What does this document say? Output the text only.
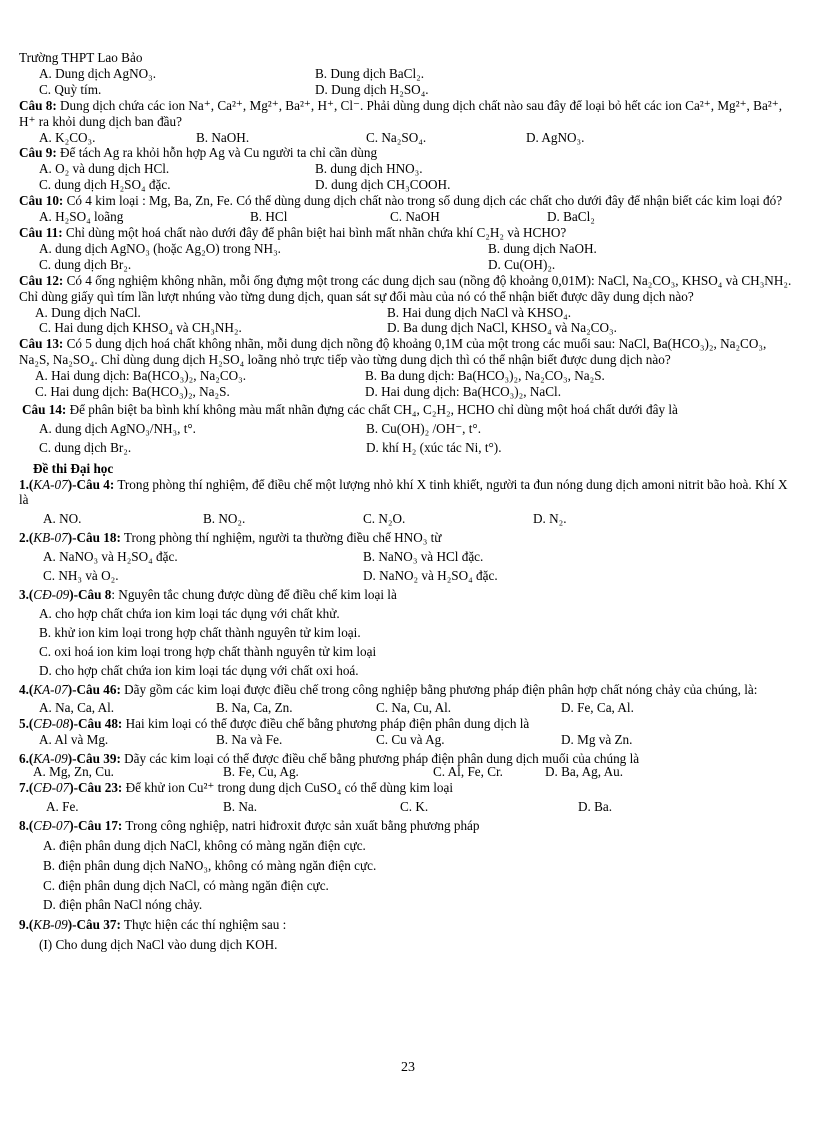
Trường THPT Lao Bảo
A. Dung dịch AgNO₃.	B. Dung dịch BaCl₂.
C. Quỳ tím.	D. Dung dịch H₂SO₄.
Câu 8: Dung dịch chứa các ion Na⁺, Ca²⁺, Mg²⁺, Ba²⁺, H⁺, Cl⁻. Phải dùng dung dịch chất nào sau đây để loại bỏ hết các ion Ca²⁺, Mg²⁺, Ba²⁺, H⁺ ra khỏi dung dịch ban đầu?
A. K₂CO₃.	B. NaOH.	C. Na₂SO₄.	D. AgNO₃.
Câu 9: Để tách Ag ra khỏi hỗn hợp Ag và Cu người ta chỉ cần dùng
A. O₂ và dung dịch HCl.	B. dung dịch HNO₃.
C. dung dịch H₂SO₄ đặc.	D. dung dịch CH₃COOH.
Câu 10: Có 4 kim loại : Mg, Ba, Zn, Fe. Có thể dùng dung dịch chất nào trong số dung dịch các chất cho dưới đây để nhận biết các kim loại đó?
A. H₂SO₄ loãng	B. HCl	C. NaOH	D. BaCl₂
Câu 11: Chỉ dùng một hoá chất nào dưới đây để phân biệt hai bình mất nhãn chứa khí C₂H₂ và HCHO?
A. dung dịch AgNO₃ (hoặc Ag₂O) trong NH₃.	B. dung dịch NaOH.
C. dung dịch Br₂.	D. Cu(OH)₂.
Câu 12: Có 4 ống nghiệm không nhãn, mỗi ống đựng một trong các dung dịch sau (nồng độ khoảng 0,01M): NaCl, Na₂CO₃, KHSO₄ và CH₃NH₂. Chỉ dùng giấy quì tím lần lượt nhúng vào từng dung dịch, quan sát sự đổi màu của nó có thể nhận biết được dãy dung dịch nào?
A. Dung dịch NaCl.	B. Hai dung dịch NaCl và KHSO₄.
C. Hai dung dịch KHSO₄ và CH₃NH₂.	D. Ba dung dịch NaCl, KHSO₄ và Na₂CO₃.
Câu 13: Có 5 dung dịch hoá chất không nhãn, mỗi dung dịch nồng độ khoảng 0,1M của một trong các muối sau: NaCl, Ba(HCO₃)₂, Na₂CO₃, Na₂S, Na₂SO₄. Chỉ dùng dung dịch H₂SO₄ loãng nhỏ trực tiếp vào từng dung dịch thì có thể nhận biết được dung dịch nào?
A. Hai dung dịch: Ba(HCO₃)₂, Na₂CO₃.	B. Ba dung dịch: Ba(HCO₃)₂, Na₂CO₃, Na₂S.
C. Hai dung dịch: Ba(HCO₃)₂, Na₂S.	D. Hai dung dịch: Ba(HCO₃)₂, NaCl.
Câu 14: Để phân biệt ba bình khí không màu mất nhãn đựng các chất CH₄, C₂H₂, HCHO chỉ dùng một hoá chất dưới đây là
A. dung dịch AgNO₃/NH₃, t°.	B. Cu(OH)₂ /OH⁻, t°.
C. dung dịch Br₂.	D. khí H₂ (xúc tác Ni, t°).
Đề thi Đại học
1.(KA-07)-Câu 4: Trong phòng thí nghiệm, để điều chế một lượng nhỏ khí X tinh khiết, người ta đun nóng dung dịch amoni nitrit bão hoà. Khí X là
A. NO.	B. NO₂.	C. N₂O.	D. N₂.
2.(KB-07)-Câu 18: Trong phòng thí nghiệm, người ta thường điều chế HNO₃ từ
A. NaNO₃ và H₂SO₄ đặc.	B. NaNO₃ và HCl đặc.
C. NH₃ và O₂.	D. NaNO₂ và H₂SO₄ đặc.
3.(CĐ-09)-Câu 8: Nguyên tắc chung được dùng để điều chế kim loại là
A. cho hợp chất chứa ion kim loại tác dụng với chất khử.
B. khử ion kim loại trong hợp chất thành nguyên tử kim loại.
C. oxi hoá ion kim loại trong hợp chất thành nguyên tử kim loại
D. cho hợp chất chứa ion kim loại tác dụng với chất oxi hoá.
4.(KA-07)-Câu 46: Dãy gồm các kim loại được điều chế trong công nghiệp bằng phương pháp điện phân hợp chất nóng chảy của chúng, là:
A. Na, Ca, Al.	B. Na, Ca, Zn.	C. Na, Cu, Al.	D. Fe, Ca, Al.
5.(CĐ-08)-Câu 48: Hai kim loại có thể được điều chế bằng phương pháp điện phân dung dịch là
A. Al và Mg.	B. Na và Fe.	C. Cu và Ag.	D. Mg và Zn.
6.(KA-09)-Câu 39: Dãy các kim loại có thể được điều chế bằng phương pháp điện phân dung dịch muối của chúng là
A. Mg, Zn, Cu.	B. Fe, Cu, Ag.	C. Al, Fe, Cr.	D. Ba, Ag, Au.
7.(CĐ-07)-Câu 23: Để khử ion Cu²⁺ trong dung dịch CuSO₄ có thể dùng kim loại
A. Fe.	B. Na.	C. K.	D. Ba.
8.(CĐ-07)-Câu 17: Trong công nghiệp, natri hiđroxit được sản xuất bằng phương pháp
A. điện phân dung dịch NaCl, không có màng ngăn điện cực.
B. điện phân dung dịch NaNO₃, không có màng ngăn điện cực.
C. điện phân dung dịch NaCl, có màng ngăn điện cực.
D. điện phân NaCl nóng chảy.
9.(KB-09)-Câu 37: Thực hiện các thí nghiệm sau :
(I) Cho dung dịch NaCl vào dung dịch KOH.
23
